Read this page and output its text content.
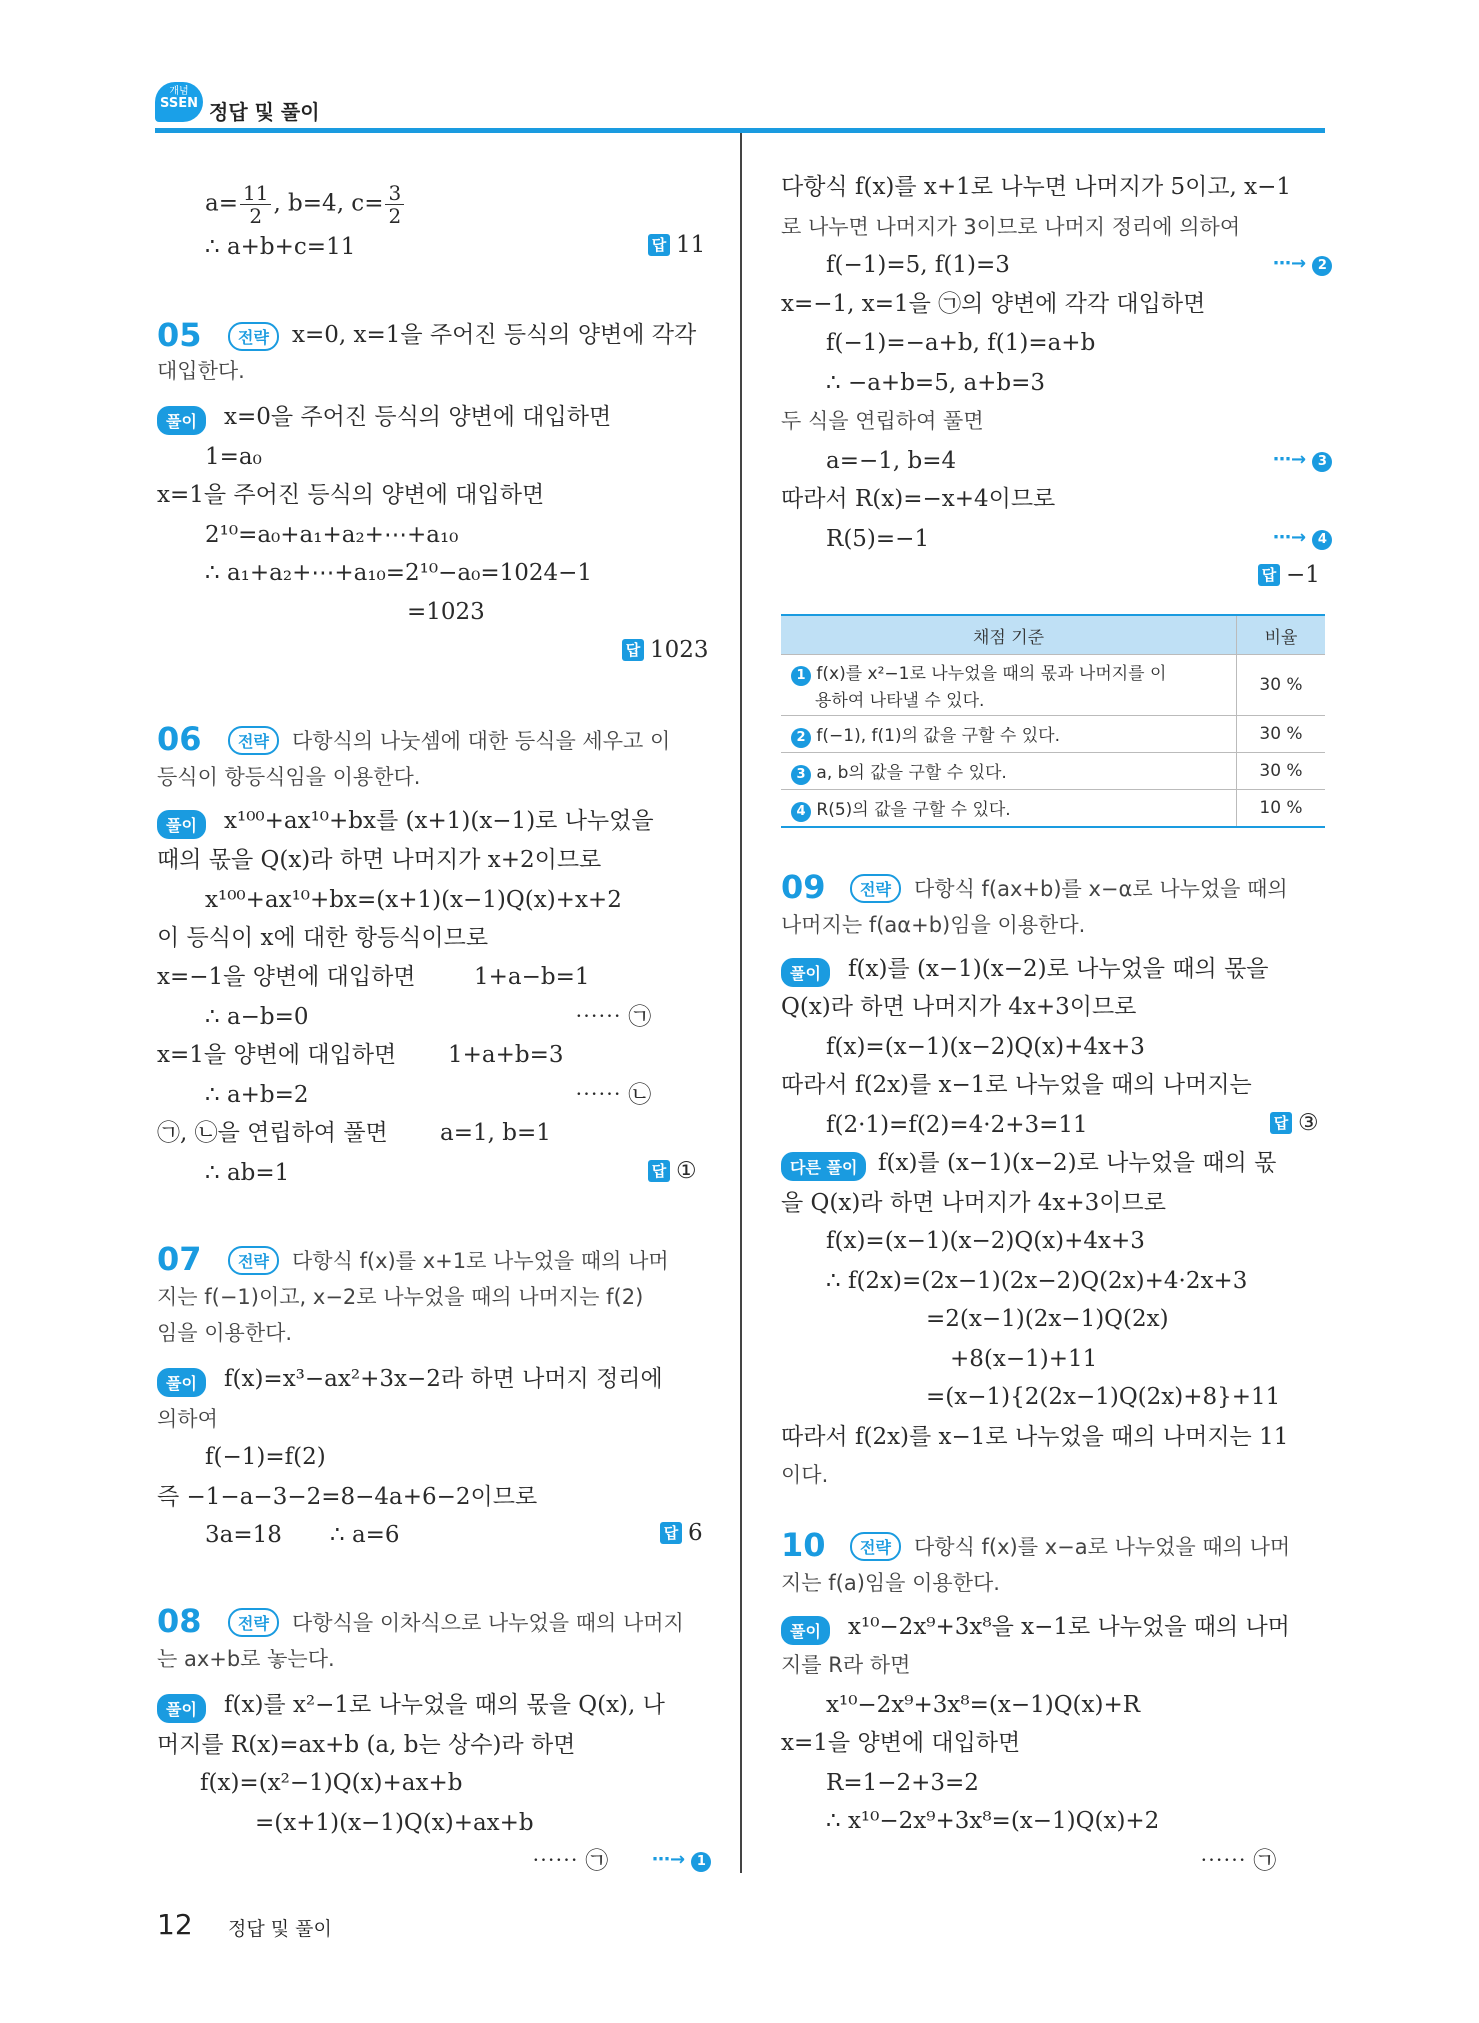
개념
SSEN 정답 및 풀이
$a= \frac{11}{2}$ , b=4, $c= \frac{3}{2}$
∴ a+b+c=11	답 11
05	전략	x=0, x=1을 주어진 등식의 양변에 각각
대입한다.
풀이	x=0을 주어진 등식의 양변에 대입하면
1=a₀
x=1을 주어진 등식의 양변에 대입하면
2¹⁰=a₀+a₁+a₂+⋯+a₁₀
∴ a₁+a₂+⋯+a₁₀=2¹⁰−a₀=1024−1
=1023
답 1023
06	전략	다항식의 나눗셈에 대한 등식을 세우고 이
등식이 항등식임을 이용한다.
풀이	x¹⁰⁰+ax¹⁰+bx를 (x+1)(x−1)로 나누었을
때의 몫을 Q(x)라 하면 나머지가 x+2이므로
x¹⁰⁰+ax¹⁰+bx=(x+1)(x−1)Q(x)+x+2
이 등식이 x에 대한 항등식이므로
x=−1을 양변에 대입하면	1+a−b=1
∴ a−b=0	⋯⋯ ㉠
x=1을 양변에 대입하면 1+a+b=3
∴ a+b=2	⋯⋯ ㉡
㉠, ㉡을 연립하여 풀면 a=1, b=1
∴ ab=1	답 ①
07	전략	다항식 f(x)를 x+1로 나누었을 때의 나머
지는 f(−1)이고, x−2로 나누었을 때의 나머지는 f(2)
임을 이용한다.
풀이	f(x)=x³−ax²+3x−2라 하면 나머지 정리에
의하여
f(−1)=f(2)
즉 −1−a−3−2=8−4a+6−2이므로
3a=18 ∴ a=6	답 6
08	전략	다항식을 이차식으로 나누었을 때의 나머지
는 ax+b로 놓는다.
풀이	f(x)를 x²−1로 나누었을 때의 몫을 Q(x), 나
머지를 R(x)=ax+b (a, b는 상수)라 하면
f(x)=(x²−1)Q(x)+ax+b
=(x+1)(x−1)Q(x)+ax+b
⋯⋯ ㉠ ⋯→ 1
다항식 f(x)를 x+1로 나누면 나머지가 5이고, x−1
로 나누면 나머지가 3이므로 나머지 정리에 의하여
f(−1)=5, f(1)=3	⋯→ 2
x=−1, x=1을 ㉠의 양변에 각각 대입하면
f(−1)=−a+b, f(1)=a+b
∴ −a+b=5, a+b=3
두 식을 연립하여 풀면
a=−1, b=4	⋯→ 3
따라서 R(x)=−x+4이므로
R(5)=−1	⋯→ 4
답 −1
채점 기준	비율
1 f(x)를 x²−1로 나누었을 때의 몫과 나머지를 이
용하여 나타낼 수 있다.	30 %
2 f(−1), f(1)의 값을 구할 수 있다.	30 %
3 a, b의 값을 구할 수 있다.	30 %
4 R(5)의 값을 구할 수 있다.	10 %
09	전략	다항식 f(ax+b)를 x−α로 나누었을 때의
나머지는 f(aα+b)임을 이용한다.
풀이	f(x)를 (x−1)(x−2)로 나누었을 때의 몫을
Q(x)라 하면 나머지가 4x+3이므로
f(x)=(x−1)(x−2)Q(x)+4x+3
따라서 f(2x)를 x−1로 나누었을 때의 나머지는
f(2·1)=f(2)=4·2+3=11	답 ③
다른 풀이 f(x)를 (x−1)(x−2)로 나누었을 때의 몫
을 Q(x)라 하면 나머지가 4x+3이므로
f(x)=(x−1)(x−2)Q(x)+4x+3
∴ f(2x)=(2x−1)(2x−2)Q(2x)+4·2x+3
=2(x−1)(2x−1)Q(2x)
+8(x−1)+11
=(x−1){2(2x−1)Q(2x)+8}+11
따라서 f(2x)를 x−1로 나누었을 때의 나머지는 11
이다.
10	전략	다항식 f(x)를 x−a로 나누었을 때의 나머
지는 f(a)임을 이용한다.
풀이	x¹⁰−2x⁹+3x⁸을 x−1로 나누었을 때의 나머
지를 R라 하면
x¹⁰−2x⁹+3x⁸=(x−1)Q(x)+R
x=1을 양변에 대입하면
R=1−2+3=2
∴ x¹⁰−2x⁹+3x⁸=(x−1)Q(x)+2
⋯⋯ ㉠
12 정답 및 풀이
